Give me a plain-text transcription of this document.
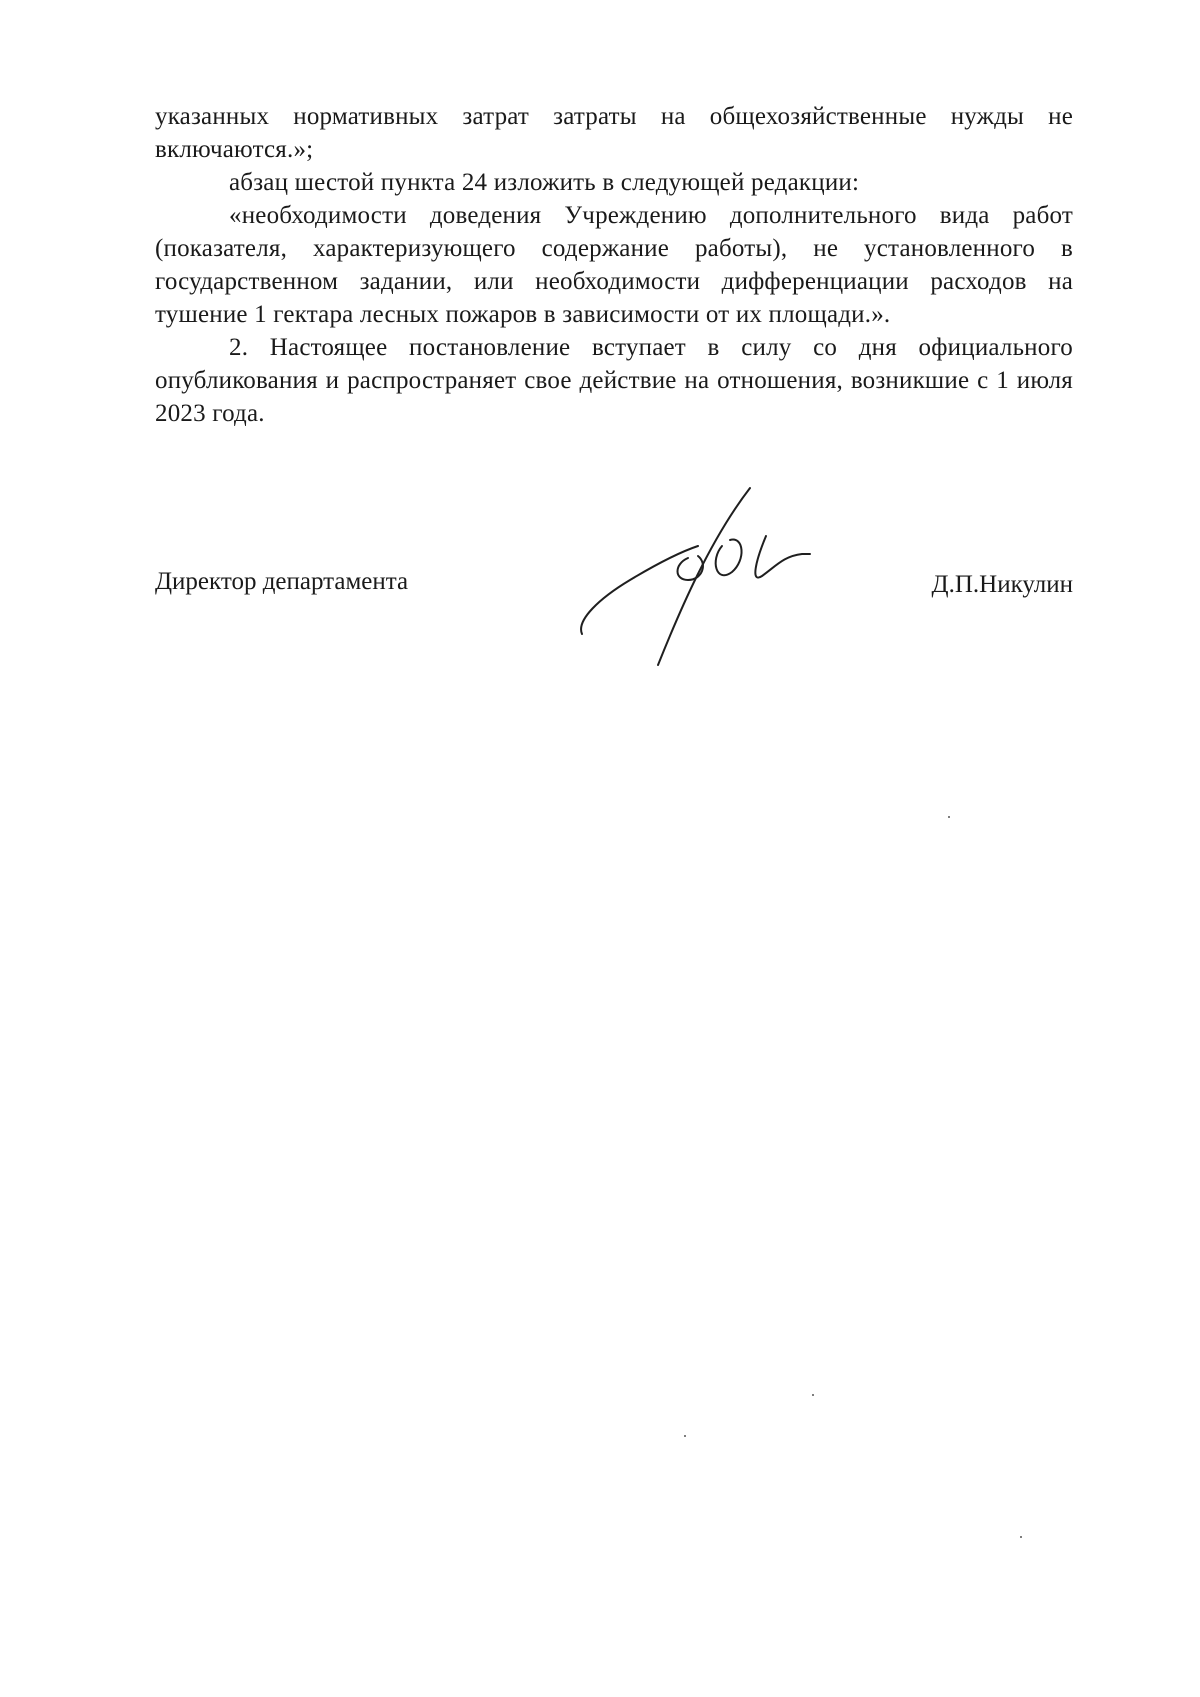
указанных нормативных затрат затраты на общехозяйственные нужды не включаются.»;

абзац шестой пункта 24 изложить в следующей редакции:

«необходимости доведения Учреждению дополнительного вида работ (показателя, характеризующего содержание работы), не установленного в государственном задании, или необходимости дифференциации расходов на тушение 1 гектара лесных пожаров в зависимости от их площади.».

2. Настоящее постановление вступает в силу со дня официального опубликования и распространяет свое действие на отношения, возникшие с 1 июля 2023 года.

Директор департамента	Д.П.Никулин
